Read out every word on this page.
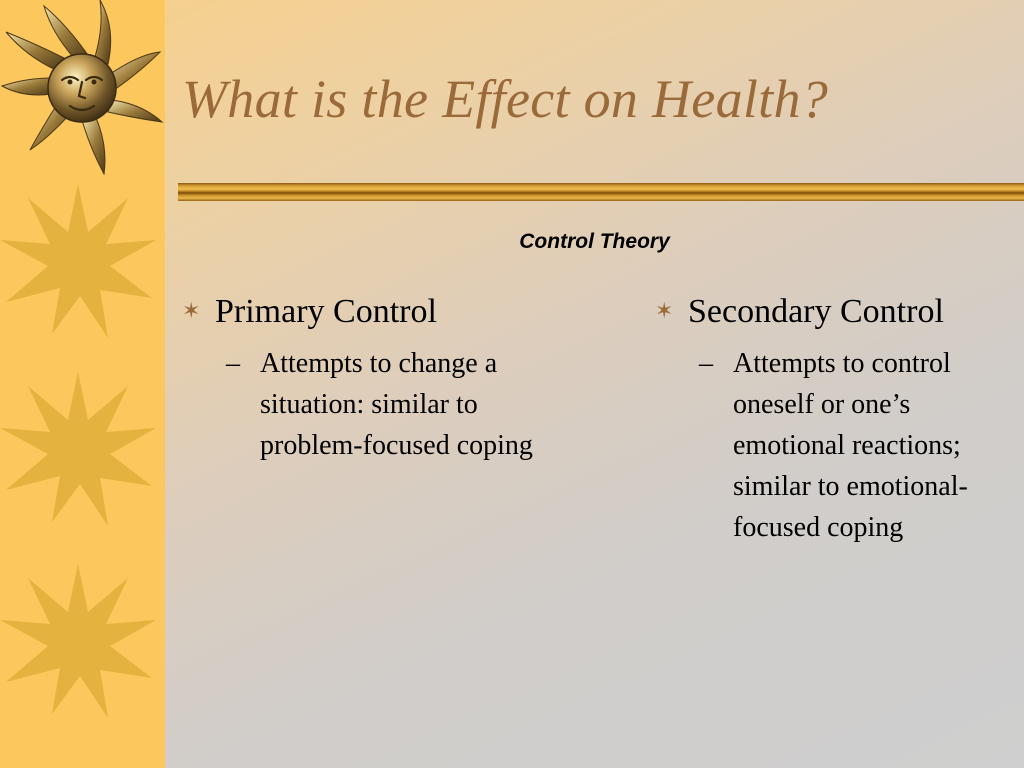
What is the Effect on Health?
Control Theory
✶ Primary Control
– Attempts to change a situation: similar to problem-focused coping
✶ Secondary Control
– Attempts to control oneself or one’s emotional reactions; similar to emotional-focused coping
